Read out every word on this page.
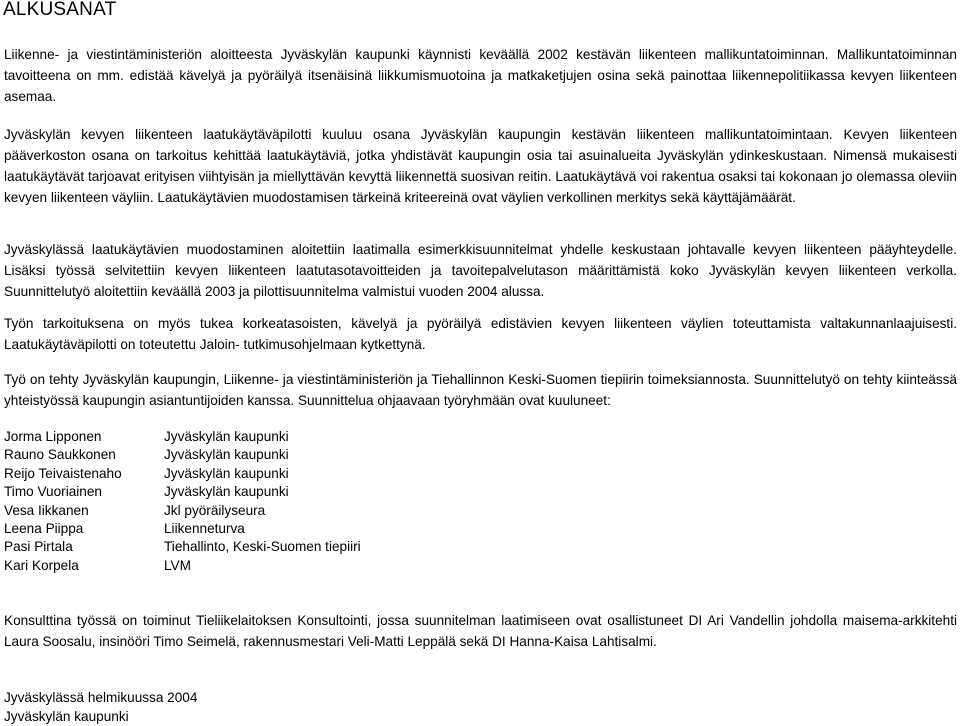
ALKUSANAT

Liikenne- ja viestintäministeriön aloitteesta Jyväskylän kaupunki käynnisti keväällä 2002 kestävän liikenteen mallikuntatoiminnan. Mallikuntatoiminnan tavoitteena on mm. edistää kävelyä ja pyöräilyä itsenäisinä liikkumismuotoina ja matkaketjujen osina sekä painottaa liikennepolitiikassa kevyen liikenteen asemaa.

Jyväskylän kevyen liikenteen laatukäytäväpilotti kuuluu osana Jyväskylän kaupungin kestävän liikenteen mallikuntatoimintaan. Kevyen liikenteen pääverkoston osana on tarkoitus kehittää laatukäytäviä, jotka yhdistävät kaupungin osia tai asuinalueita Jyväskylän ydinkeskustaan. Nimensä mukaisesti laatukäytävät tarjoavat erityisen viihtyisän ja miellyttävän kevyttä liikennettä suosivan reitin. Laatukäytävä voi rakentua osaksi tai kokonaan jo olemassa oleviin kevyen liikenteen väyliin. Laatukäytävien muodostamisen tärkeinä kriteereinä ovat väylien verkollinen merkitys sekä käyttäjämäärät.

Jyväskylässä laatukäytävien muodostaminen aloitettiin laatimalla esimerkkisuunnitelmat yhdelle keskustaan johtavalle kevyen liikenteen pääyhteydelle. Lisäksi työssä selvitettiin kevyen liikenteen laatutasotavoitteiden ja tavoitepalvelutason määrittämistä koko Jyväskylän kevyen liikenteen verkolla. Suunnittelutyö aloitettiin keväällä 2003 ja pilottisuunnitelma valmistui vuoden 2004 alussa.

Työn tarkoituksena on myös tukea korkeatasoisten, kävelyä ja pyöräilyä edistävien kevyen liikenteen väylien toteuttamista valtakunnanlaajuisesti. Laatukäytäväpilotti on toteutettu Jaloin- tutkimusohjelmaan kytkettynä.

Työ on tehty Jyväskylän kaupungin, Liikenne- ja viestintäministeriön ja Tiehallinnon Keski-Suomen tiepiirin toimeksiannosta. Suunnittelutyö on tehty kiinteässä yhteistyössä kaupungin asiantuntijoiden kanssa. Suunnittelua ohjaavaan työryhmään ovat kuuluneet:

Jorma Lipponen	Jyväskylän kaupunki
Rauno Saukkonen	Jyväskylän kaupunki
Reijo Teivaistenaho	Jyväskylän kaupunki
Timo Vuoriainen	Jyväskylän kaupunki
Vesa Iikkanen	Jkl pyöräilyseura
Leena Piippa	Liikenneturva
Pasi Pirtala	Tiehallinto, Keski-Suomen tiepiiri
Kari Korpela	LVM

Konsulttina työssä on toiminut Tieliikelaitoksen Konsultointi, jossa suunnitelman laatimiseen ovat osallistuneet DI Ari Vandellin johdolla maisema-arkkitehti Laura Soosalu, insinööri Timo Seimelä, rakennusmestari Veli-Matti Leppälä sekä DI Hanna-Kaisa Lahtisalmi.

Jyväskylässä helmikuussa 2004
Jyväskylän kaupunki
